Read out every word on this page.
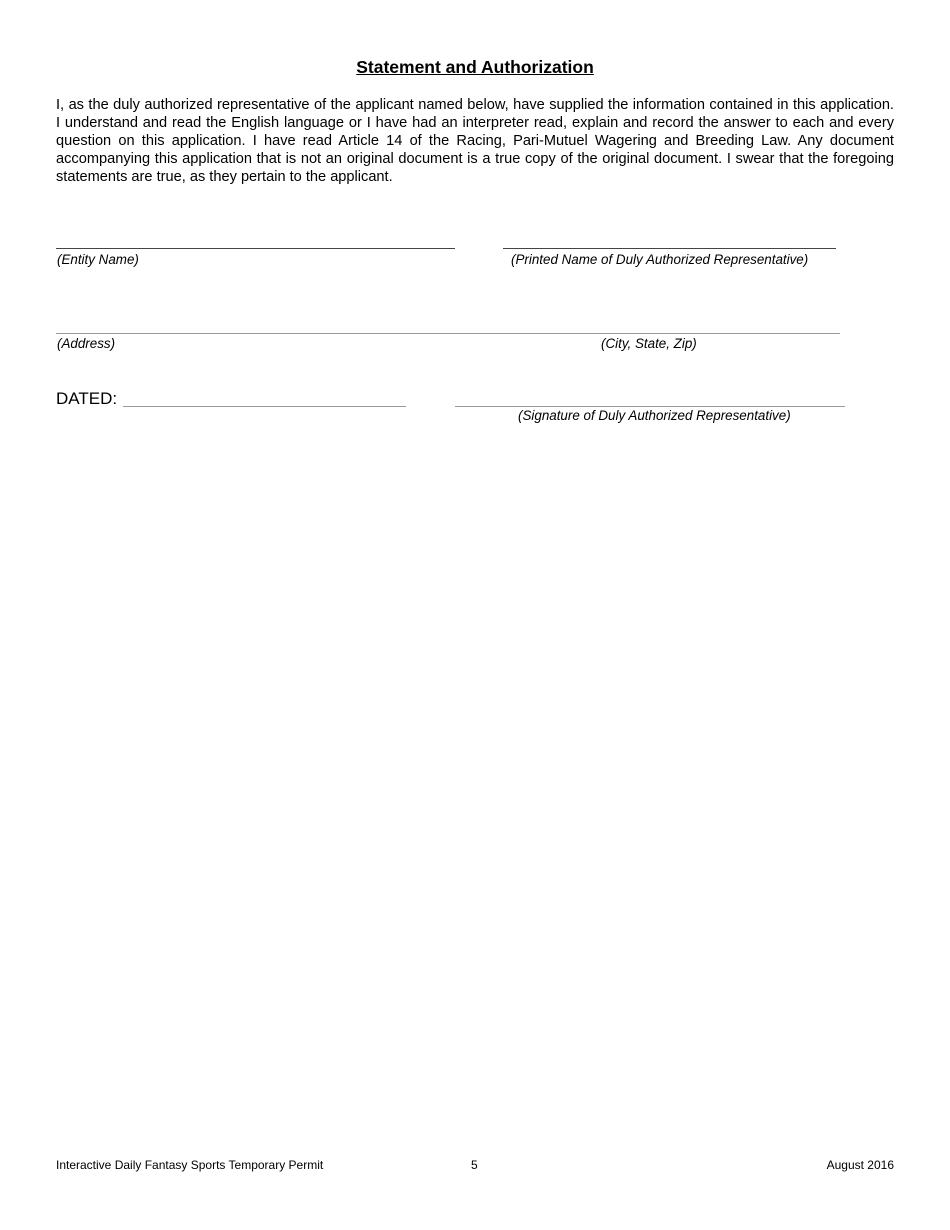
Statement and Authorization
I, as the duly authorized representative of the applicant named below, have supplied the information contained in this application. I understand and read the English language or I have had an interpreter read, explain and record the answer to each and every question on this application. I have read Article 14 of the Racing, Pari-Mutuel Wagering and Breeding Law. Any document accompanying this application that is not an original document is a true copy of the original document. I swear that the foregoing statements are true, as they pertain to the applicant.
(Entity Name)	(Printed Name of Duly Authorized Representative)
(Address)	(City, State, Zip)
DATED:
(Signature of Duly Authorized Representative)
Interactive Daily Fantasy Sports Temporary Permit	5	August 2016
